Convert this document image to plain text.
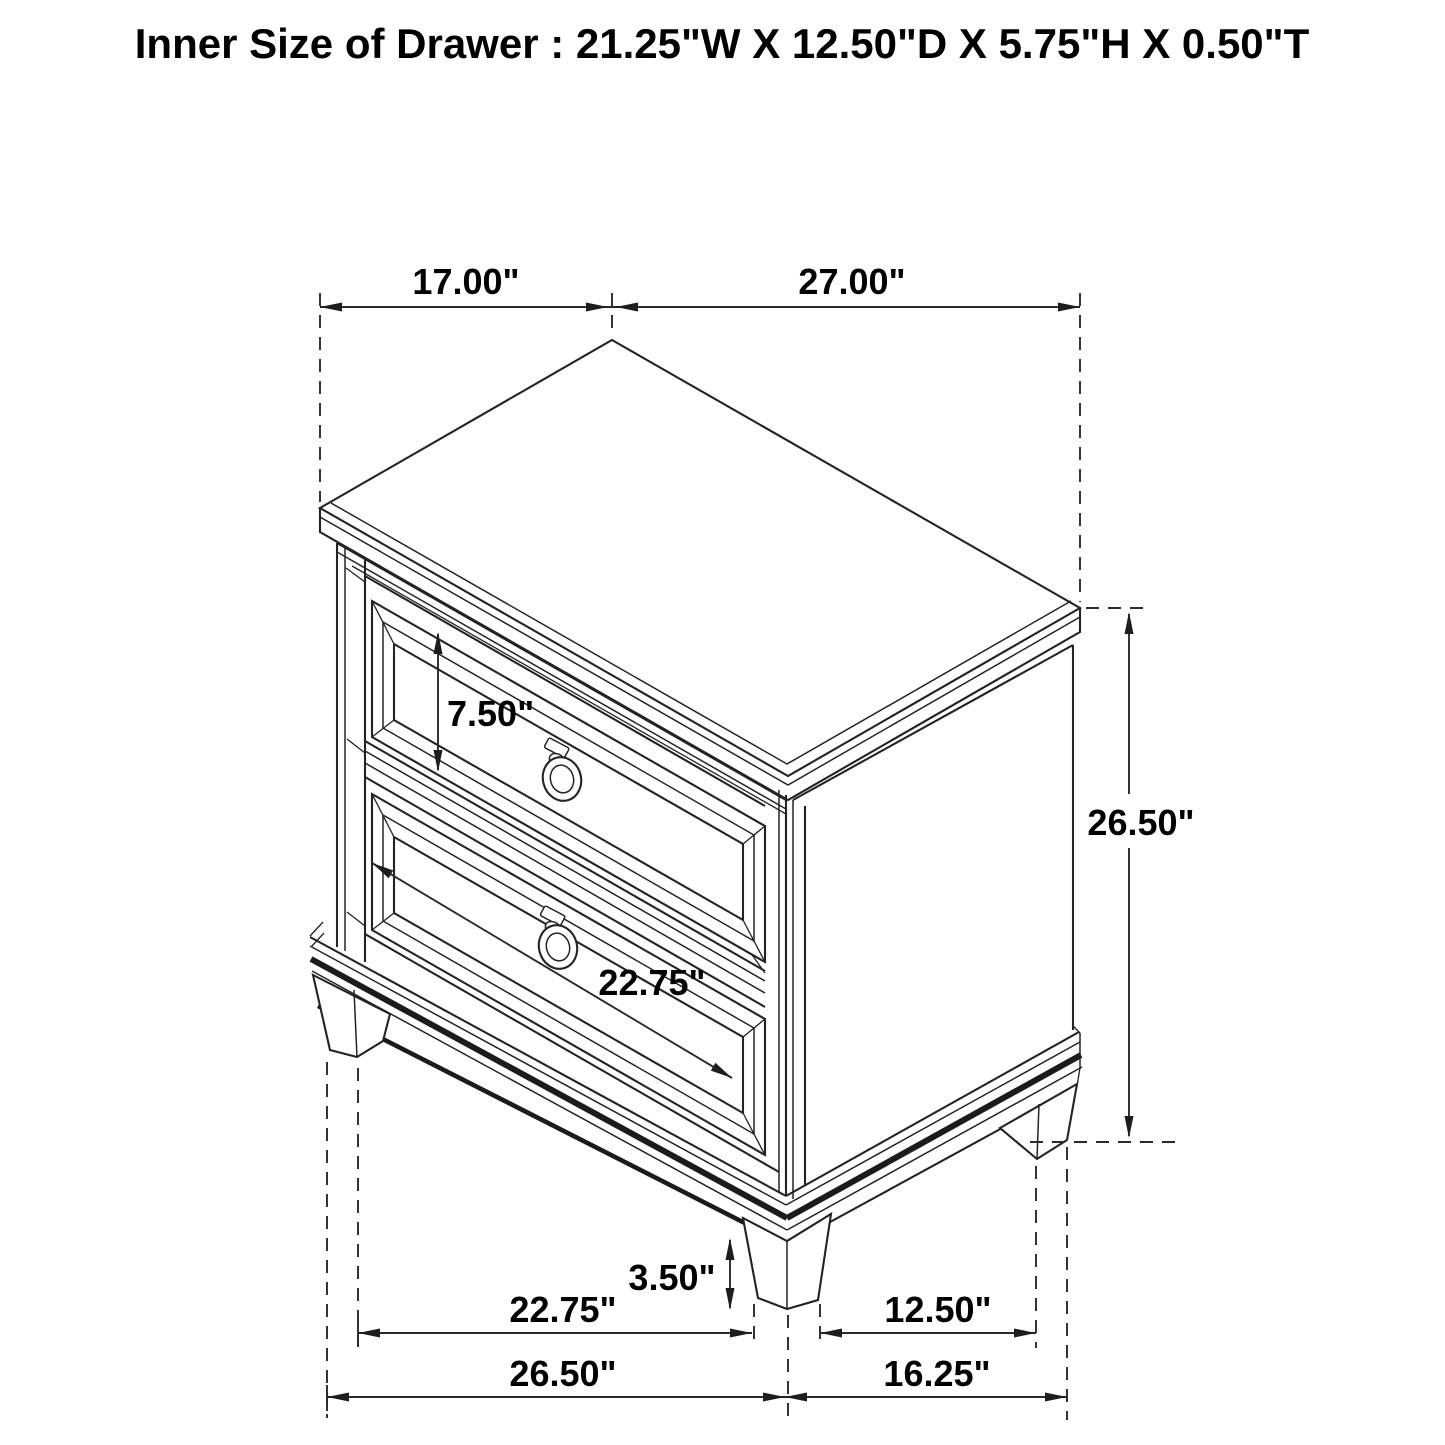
Inner Size of Drawer : 21.25"W X 12.50"D X 5.75"H X 0.50"T
17.00"	27.00"
26.50"
7.50"
22.75"
3.50"
22.75"	12.50"
26.50"	16.25"
